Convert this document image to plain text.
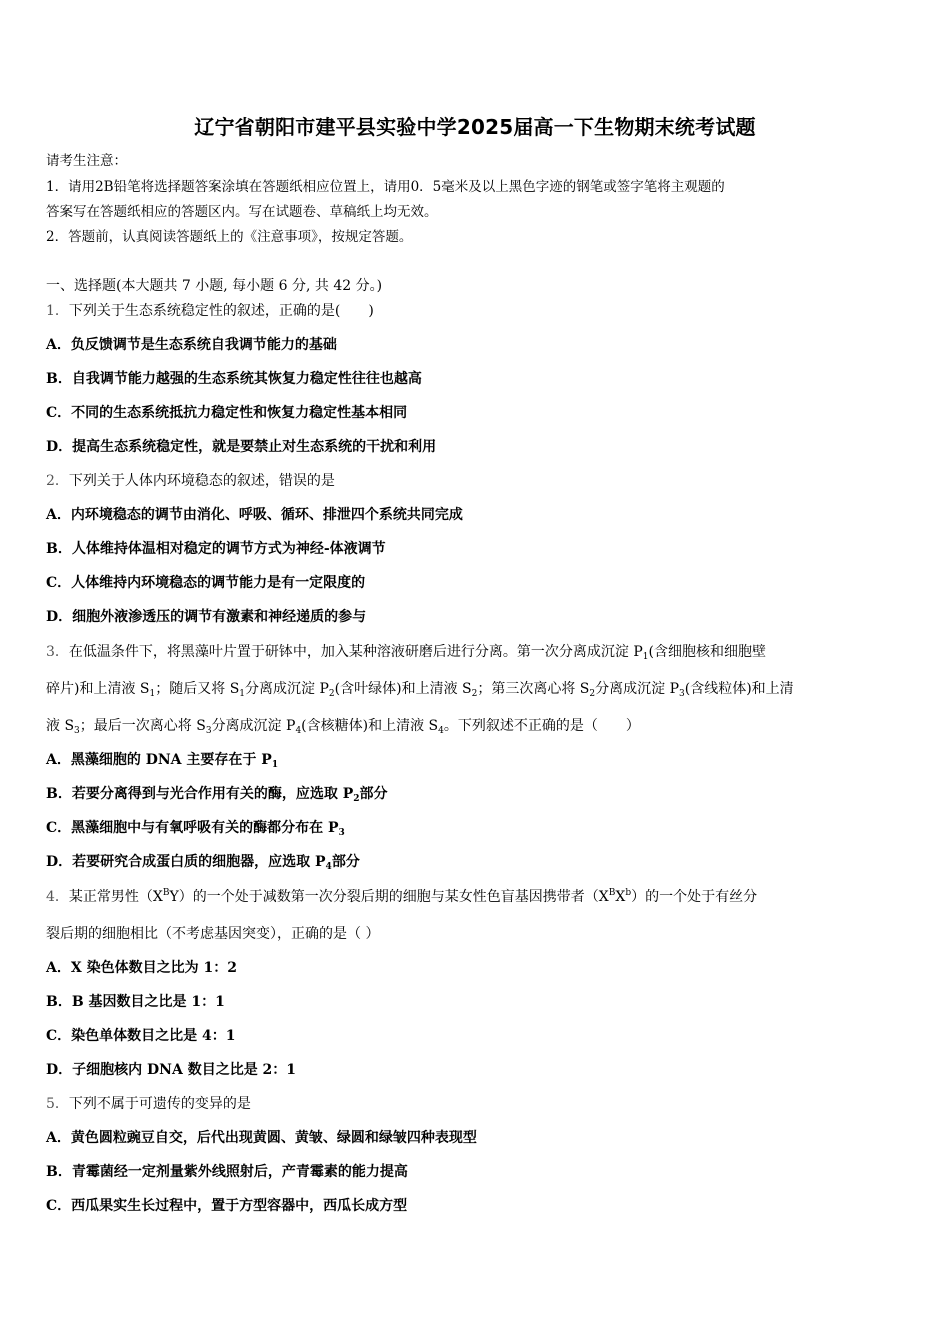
辽宁省朝阳市建平县实验中学2025届高一下生物期末统考试题
请考生注意：
1．请用2B铅笔将选择题答案涂填在答题纸相应位置上，请用0．5毫米及以上黑色字迹的钢笔或签字笔将主观题的
答案写在答题纸相应的答题区内。写在试题卷、草稿纸上均无效。
2．答题前，认真阅读答题纸上的《注意事项》，按规定答题。
一、选择题(本大题共 7 小题, 每小题 6 分, 共 42 分。)
1．下列关于生态系统稳定性的叙述，正确的是(　　)
A．负反馈调节是生态系统自我调节能力的基础
B．自我调节能力越强的生态系统其恢复力稳定性往往也越高
C．不同的生态系统抵抗力稳定性和恢复力稳定性基本相同
D．提高生态系统稳定性，就是要禁止对生态系统的干扰和利用
2．下列关于人体内环境稳态的叙述，错误的是
A．内环境稳态的调节由消化、呼吸、循环、排泄四个系统共同完成
B．人体维持体温相对稳定的调节方式为神经-体液调节
C．人体维持内环境稳态的调节能力是有一定限度的
D．细胞外液渗透压的调节有激素和神经递质的参与
3．在低温条件下，将黑藻叶片置于研钵中，加入某种溶液研磨后进行分离。第一次分离成沉淀 $P_1$(含细胞核和细胞壁
碎片)和上清液 $S_1$；随后又将 $S_1$分离成沉淀 $P_2$(含叶绿体)和上清液 $S_2$；第三次离心将 $S_2$分离成沉淀 $P_3$(含线粒体)和上清
液 $S_3$；最后一次离心将 $S_3$分离成沉淀 $P_4$(含核糖体)和上清液 $S_4$。下列叙述不正确的是（　　）
A．黑藻细胞的 DNA 主要存在于 $P_1$
B．若要分离得到与光合作用有关的酶，应选取 $P_2$部分
C．黑藻细胞中与有氧呼吸有关的酶都分布在 $P_3$
D．若要研究合成蛋白质的细胞器，应选取 $P_4$部分
4．某正常男性$(X^BY)$的一个处于减数第一次分裂后期的细胞与某女性色盲基因携带者$(X^BX^b)$的一个处于有丝分
裂后期的细胞相比（不考虑基因突变），正确的是（ ）
A．X 染色体数目之比为 1：2
B．B 基因数目之比是 1：1
C．染色单体数目之比是 4：1
D．子细胞核内 DNA 数目之比是 2：1
5．下列不属于可遗传的变异的是
A．黄色圆粒豌豆自交，后代出现黄圆、黄皱、绿圆和绿皱四种表现型
B．青霉菌经一定剂量紫外线照射后，产青霉素的能力提高
C．西瓜果实生长过程中，置于方型容器中，西瓜长成方型
